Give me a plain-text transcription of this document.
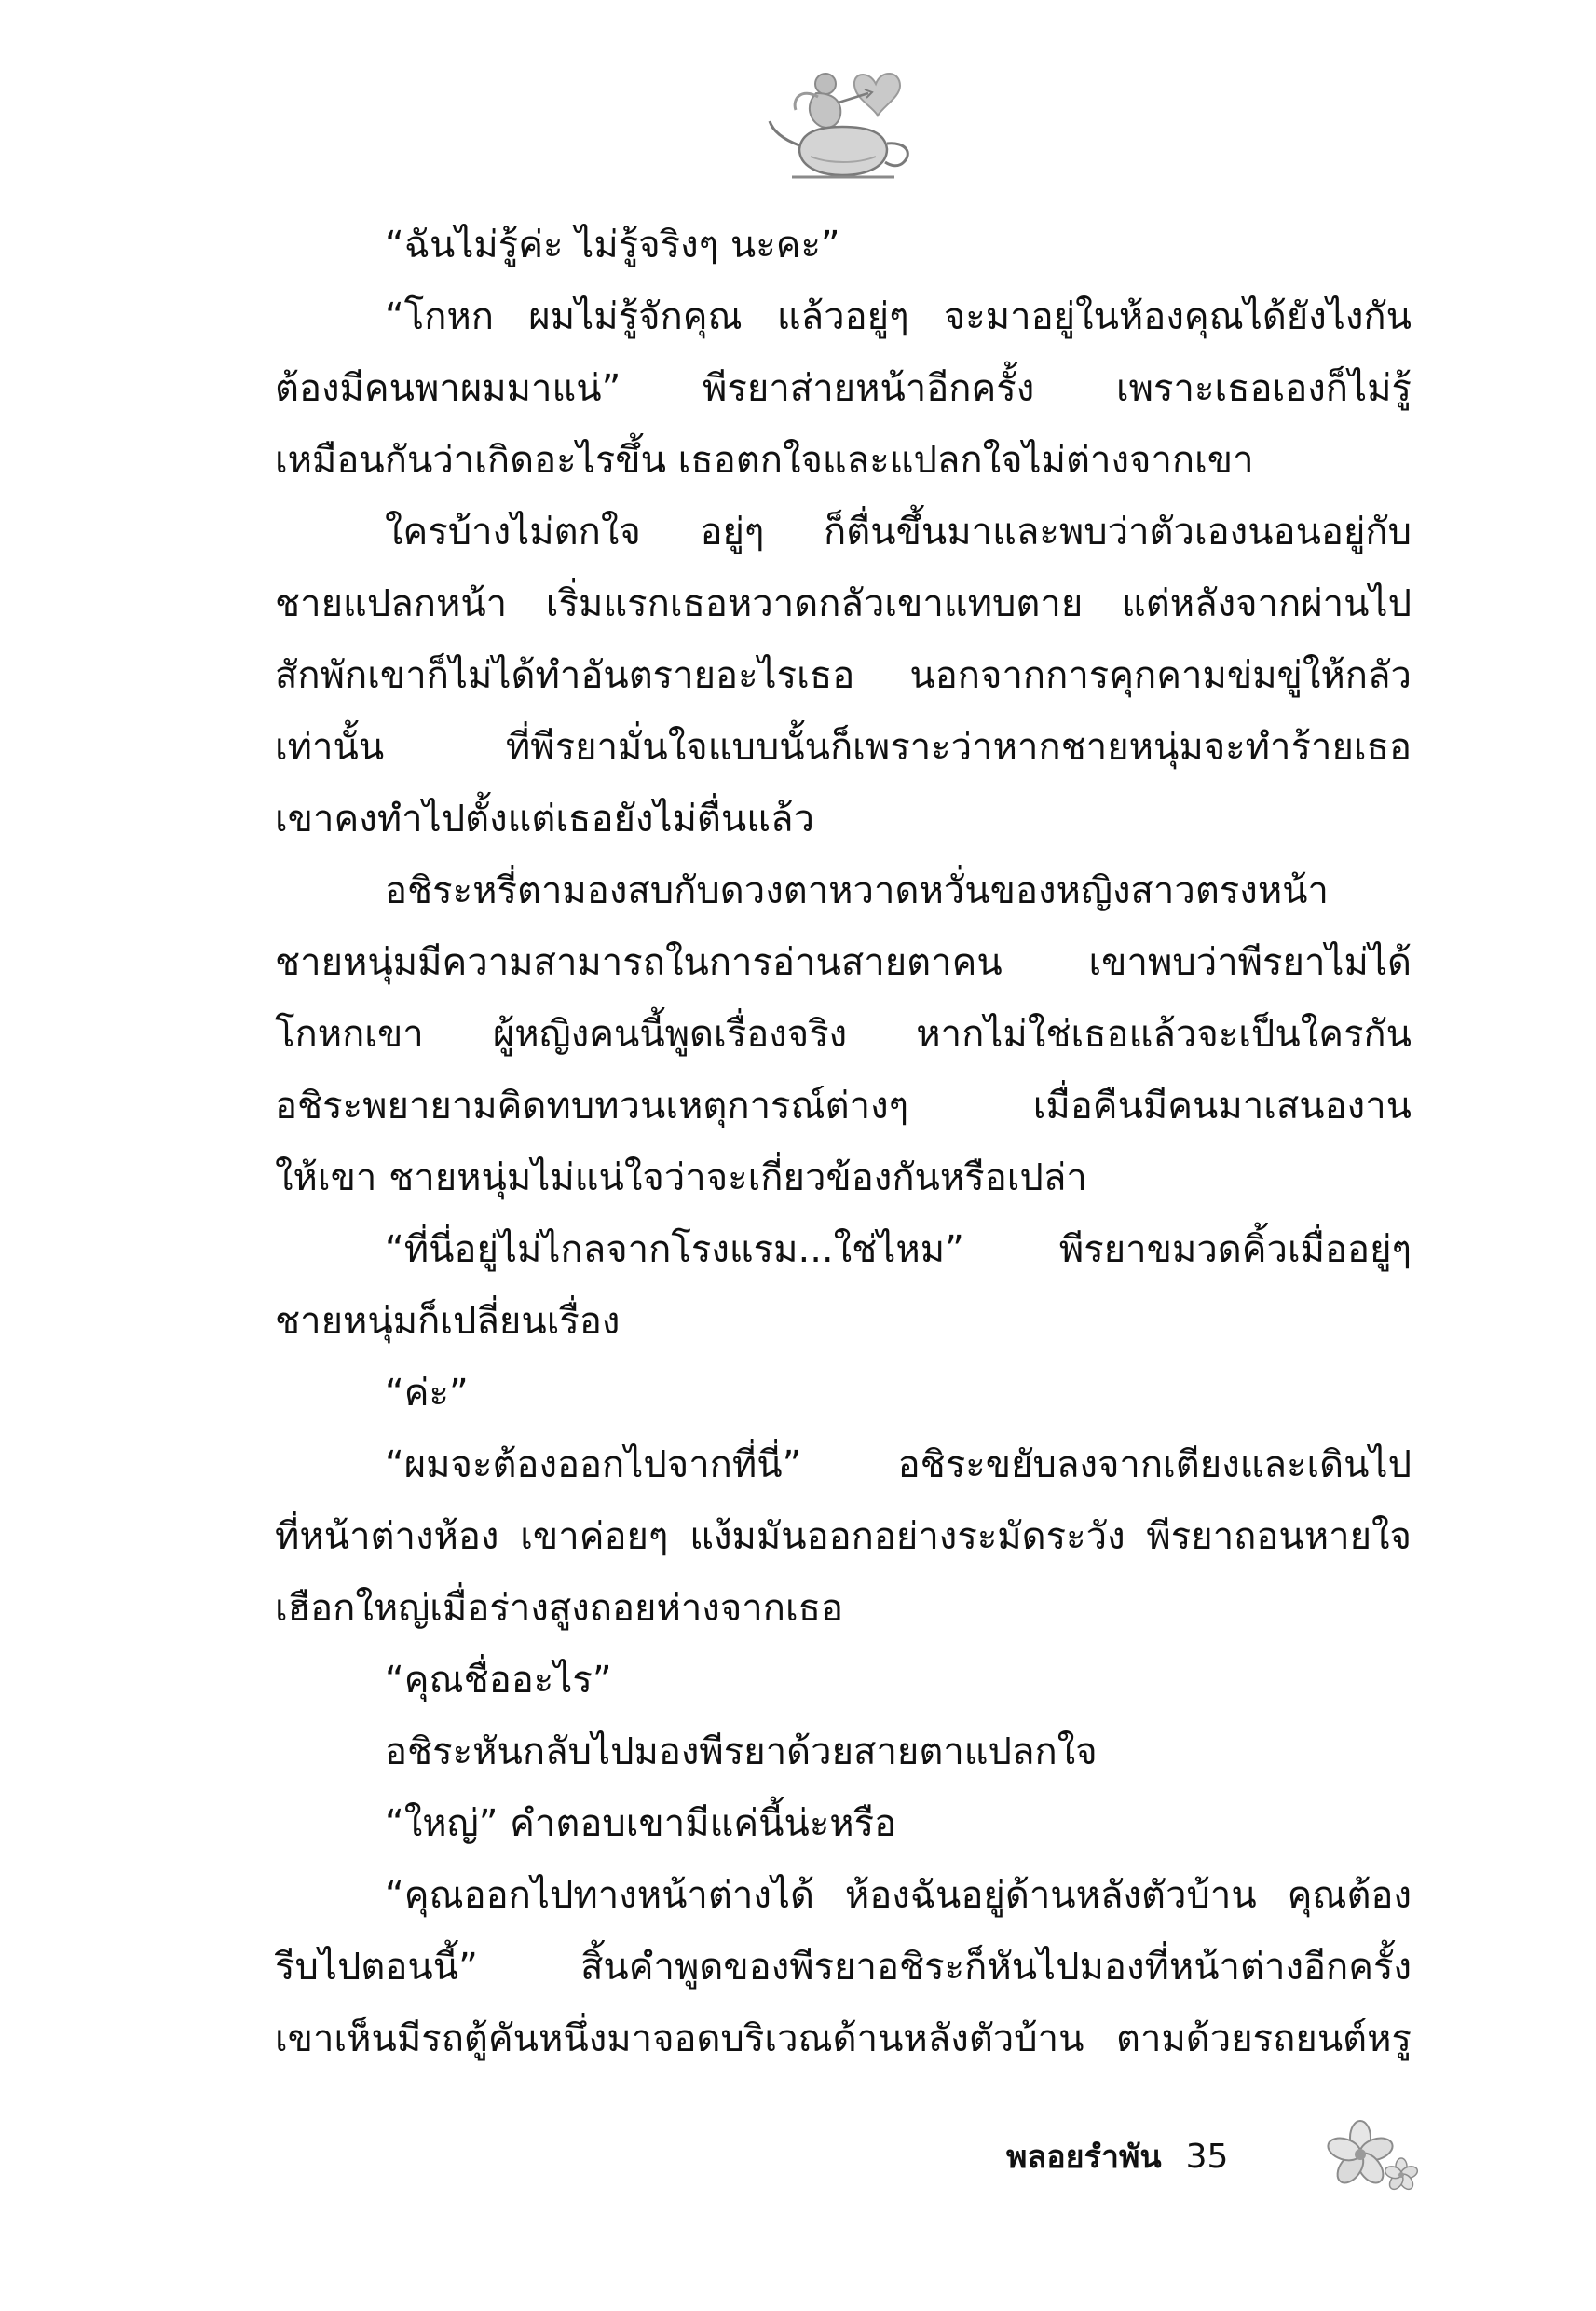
“ฉันไม่รู้ค่ะ ไม่รู้จริงๆ นะคะ”
“โกหก ผมไม่รู้จักคุณ แล้วอยู่ๆ จะมาอยู่ในห้องคุณได้ยังไงกัน
ต้องมีคนพาผมมาแน่” พีรยาส่ายหน้าอีกครั้ง เพราะเธอเองก็ไม่รู้
เหมือนกันว่าเกิดอะไรขึ้น เธอตกใจและแปลกใจไม่ต่างจากเขา
ใครบ้างไม่ตกใจ อยู่ๆ ก็ตื่นขึ้นมาและพบว่าตัวเองนอนอยู่กับ
ชายแปลกหน้า เริ่มแรกเธอหวาดกลัวเขาแทบตาย แต่หลังจากผ่านไป
สักพักเขาก็ไม่ได้ทำอันตรายอะไรเธอ นอกจากการคุกคามข่มขู่ให้กลัว
เท่านั้น ที่พีรยามั่นใจแบบนั้นก็เพราะว่าหากชายหนุ่มจะทำร้ายเธอ
เขาคงทำไปตั้งแต่เธอยังไม่ตื่นแล้ว
อชิระหรี่ตามองสบกับดวงตาหวาดหวั่นของหญิงสาวตรงหน้า
ชายหนุ่มมีความสามารถในการอ่านสายตาคน เขาพบว่าพีรยาไม่ได้
โกหกเขา ผู้หญิงคนนี้พูดเรื่องจริง หากไม่ใช่เธอแล้วจะเป็นใครกัน
อชิระพยายามคิดทบทวนเหตุการณ์ต่างๆ เมื่อคืนมีคนมาเสนองาน
ให้เขา ชายหนุ่มไม่แน่ใจว่าจะเกี่ยวข้องกันหรือเปล่า
“ที่นี่อยู่ไม่ไกลจากโรงแรม...ใช่ไหม” พีรยาขมวดคิ้วเมื่ออยู่ๆ
ชายหนุ่มก็เปลี่ยนเรื่อง
“ค่ะ”
“ผมจะต้องออกไปจากที่นี่” อชิระขยับลงจากเตียงและเดินไป
ที่หน้าต่างห้อง เขาค่อยๆ แง้มมันออกอย่างระมัดระวัง พีรยาถอนหายใจ
เฮือกใหญ่เมื่อร่างสูงถอยห่างจากเธอ
“คุณชื่ออะไร”
อชิระหันกลับไปมองพีรยาด้วยสายตาแปลกใจ
“ใหญ่” คำตอบเขามีแค่นี้น่ะหรือ
“คุณออกไปทางหน้าต่างได้ ห้องฉันอยู่ด้านหลังตัวบ้าน คุณต้อง
รีบไปตอนนี้” สิ้นคำพูดของพีรยาอชิระก็หันไปมองที่หน้าต่างอีกครั้ง
เขาเห็นมีรถตู้คันหนึ่งมาจอดบริเวณด้านหลังตัวบ้าน ตามด้วยรถยนต์หรู
พลอยรำพัน 35
